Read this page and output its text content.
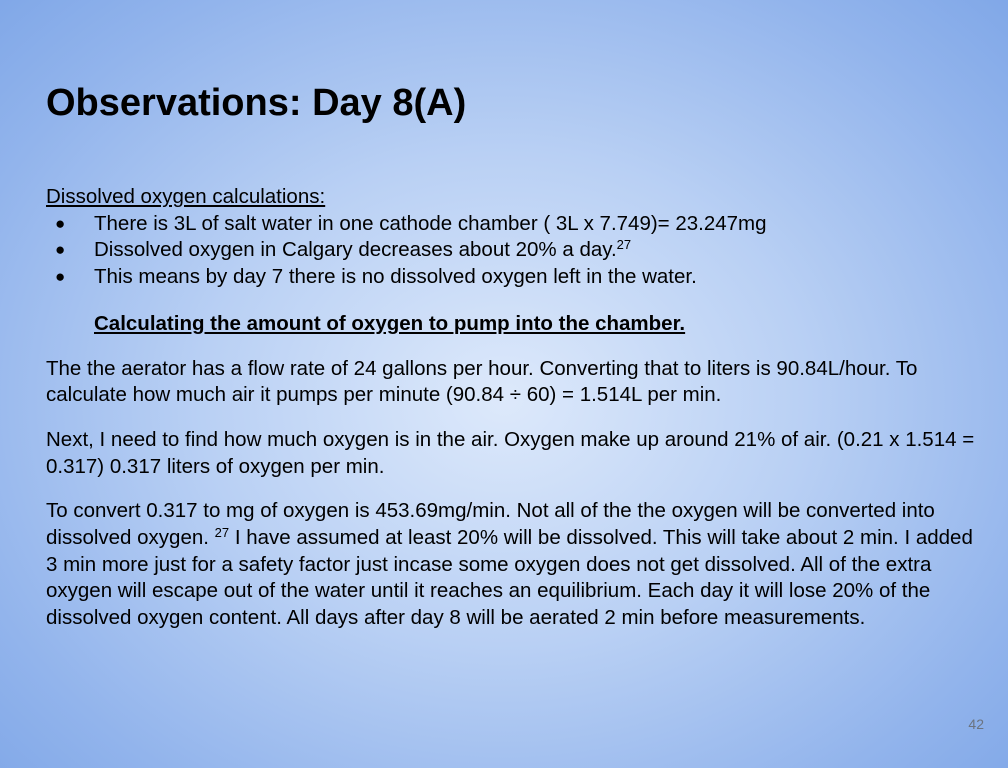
Observations: Day 8(A)
Dissolved oxygen calculations:
● There is 3L of salt water in one cathode chamber ( 3L x 7.749)= 23.247mg
● Dissolved oxygen in Calgary decreases about 20% a day.$^{27}$
● This means by day 7 there is no dissolved oxygen left in the water.
Calculating the amount of oxygen to pump into the chamber.

The the aerator has a flow rate of 24 gallons per hour. Converting that to liters is 90.84L/hour. To calculate how much air it pumps per minute (90.84 ÷ 60) = 1.514L per min.

Next, I need to find how much oxygen is in the air. Oxygen make up around 21% of air. (0.21 x 1.514 = 0.317) 0.317 liters of oxygen per min.

To convert 0.317 to mg of oxygen is 453.69mg/min. Not all of the the oxygen will be converted into dissolved oxygen. $^{27}$ I have assumed at least 20% will be dissolved. This will take about 2 min. I added 3 min more just for a safety factor just incase some oxygen does not get dissolved. All of the extra oxygen will escape out of the water until it reaches an equilibrium. Each day it will lose 20% of the dissolved oxygen content. All days after day 8 will be aerated 2 min before measurements.

42
